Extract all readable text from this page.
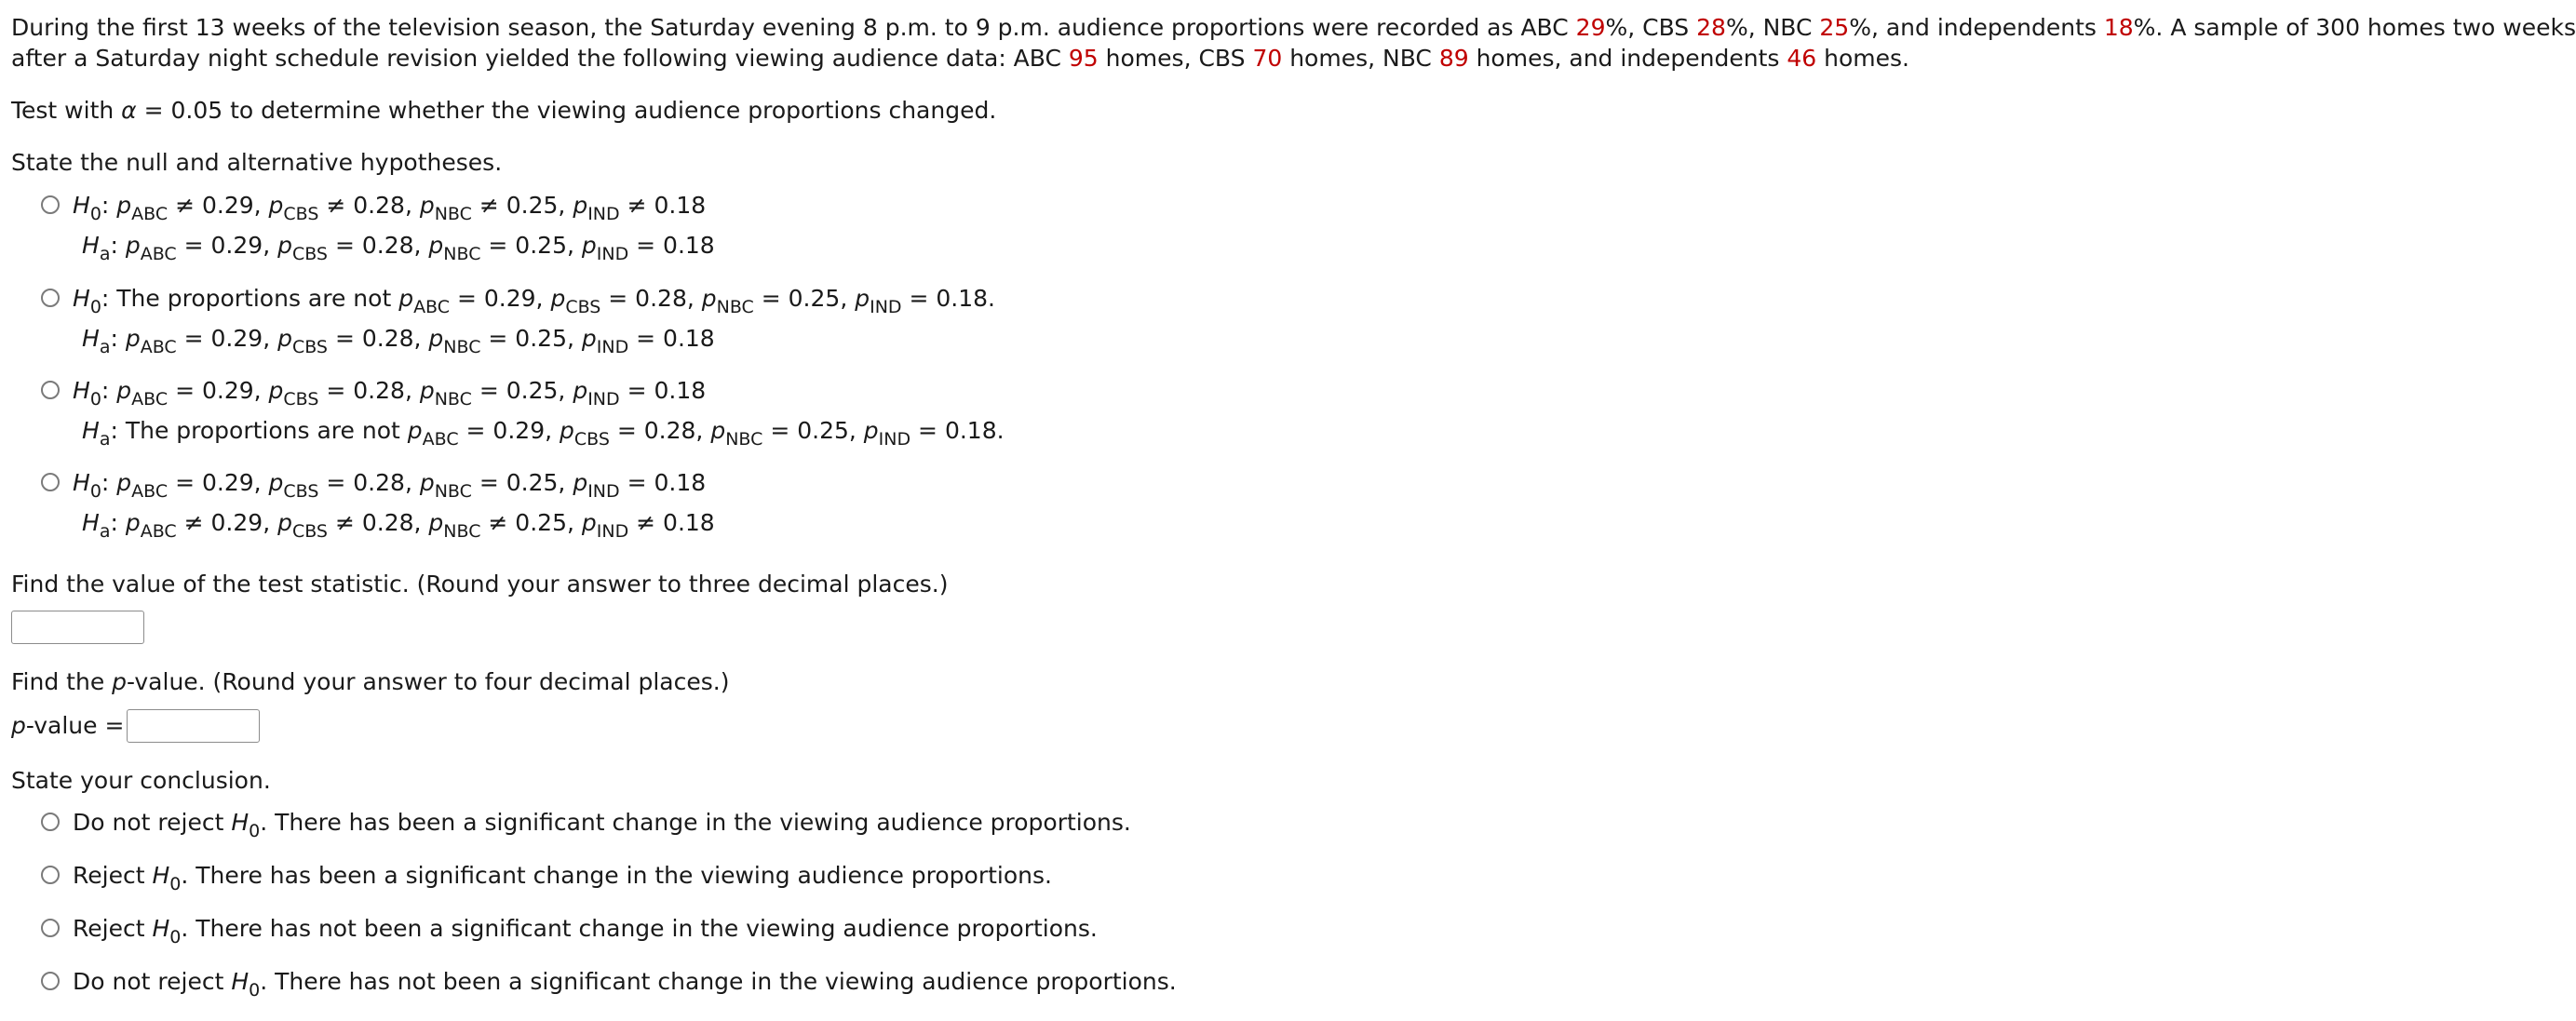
During the first 13 weeks of the television season, the Saturday evening 8 p.m. to 9 p.m. audience proportions were recorded as ABC 29%, CBS 28%, NBC 25%, and independents 18%. A sample of 300 homes two weeks
after a Saturday night schedule revision yielded the following viewing audience data: ABC 95 homes, CBS 70 homes, NBC 89 homes, and independents 46 homes.
Test with α = 0.05 to determine whether the viewing audience proportions changed.
State the null and alternative hypotheses.
$H_0$: $p_{ABC} \ne 0.29$, $p_{CBS} \ne 0.28$, $p_{NBC} \ne 0.25$, $p_{IND} \ne 0.18$
$H_a$: $p_{ABC} = 0.29$, $p_{CBS} = 0.28$, $p_{NBC} = 0.25$, $p_{IND} = 0.18$
$H_0$: The proportions are not $p_{ABC} = 0.29$, $p_{CBS} = 0.28$, $p_{NBC} = 0.25$, $p_{IND} = 0.18$.
$H_a$: $p_{ABC} = 0.29$, $p_{CBS} = 0.28$, $p_{NBC} = 0.25$, $p_{IND} = 0.18$
$H_0$: $p_{ABC} = 0.29$, $p_{CBS} = 0.28$, $p_{NBC} = 0.25$, $p_{IND} = 0.18$
$H_a$: The proportions are not $p_{ABC} = 0.29$, $p_{CBS} = 0.28$, $p_{NBC} = 0.25$, $p_{IND} = 0.18$.
$H_0$: $p_{ABC} = 0.29$, $p_{CBS} = 0.28$, $p_{NBC} = 0.25$, $p_{IND} = 0.18$
$H_a$: $p_{ABC} \ne 0.29$, $p_{CBS} \ne 0.28$, $p_{NBC} \ne 0.25$, $p_{IND} \ne 0.18$
Find the value of the test statistic. (Round your answer to three decimal places.)
Find the p-value. (Round your answer to four decimal places.)
p-value =
State your conclusion.
Do not reject $H_0$. There has been a significant change in the viewing audience proportions.
Reject $H_0$. There has been a significant change in the viewing audience proportions.
Reject $H_0$. There has not been a significant change in the viewing audience proportions.
Do not reject $H_0$. There has not been a significant change in the viewing audience proportions.
